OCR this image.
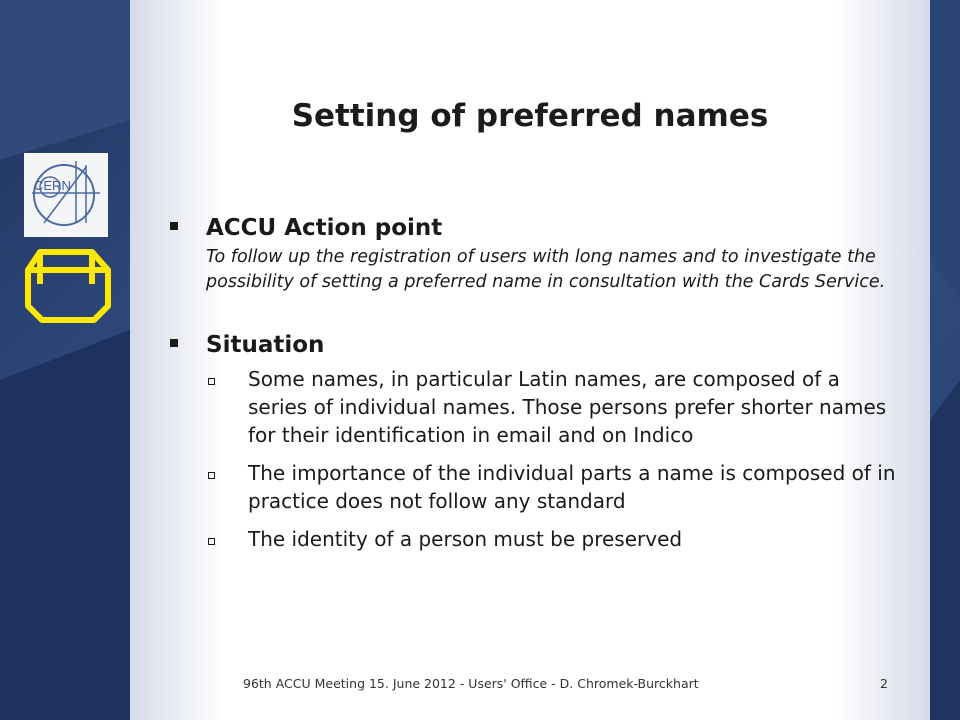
Setting of preferred names
CERN
ACCU Action point
To follow up the registration of users with long names and to investigate the possibility of setting a preferred name in consultation with the Cards Service.
Situation
Some names, in particular Latin names, are composed of a series of individual names. Those persons prefer shorter names for their identification in email and on Indico
The importance of the individual parts a name is composed of in practice does not follow any standard
The identity of a person must be preserved
96th ACCU Meeting 15. June 2012 - Users' Office - D. Chromek-Burckhart	2
